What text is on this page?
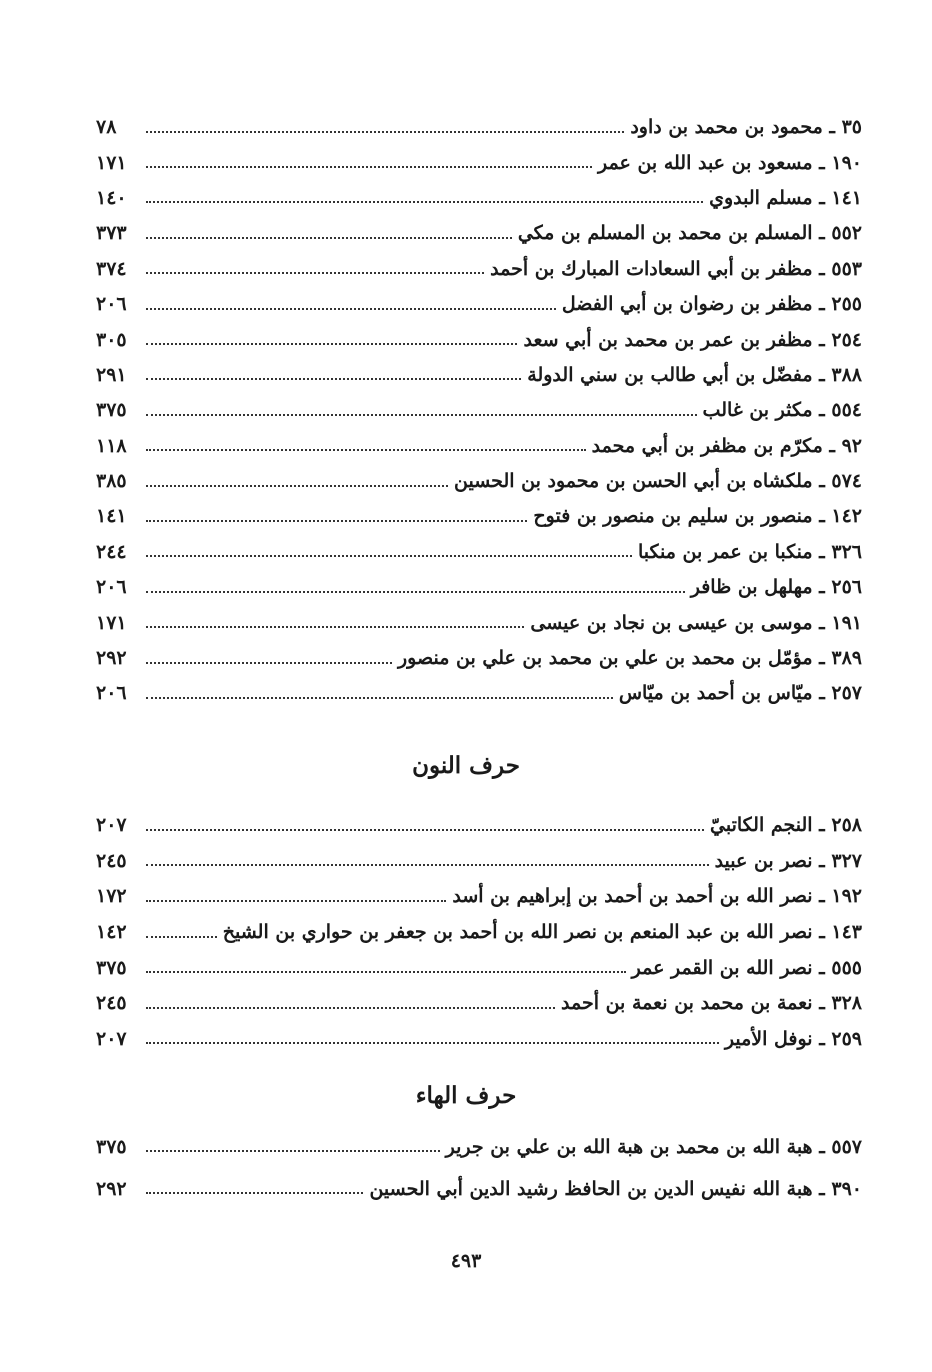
٣٥ ـ محمود بن محمد بن داود
٧٨
١٩٠ ـ مسعود بن عبد الله بن عمر
١٧١
١٤١ ـ مسلم البدوي
١٤٠
٥٥٢ ـ المسلم بن محمد بن المسلم بن مكي
٣٧٣
٥٥٣ ـ مظفر بن أبي السعادات المبارك بن أحمد
٣٧٤
٢٥٥ ـ مظفر بن رضوان بن أبي الفضل
٢٠٦
٢٥٤ ـ مظفر بن عمر بن محمد بن أبي سعد
٣٠٥
٣٨٨ ـ مفضّل بن أبي طالب بن سني الدولة
٢٩١
٥٥٤ ـ مكثر بن غالب
٣٧٥
٩٢ ـ مكرّم بن مظفر بن أبي محمد
١١٨
٥٧٤ ـ ملكشاه بن أبي الحسن بن محمود بن الحسين
٣٨٥
١٤٢ ـ منصور بن سليم بن منصور بن فتوح
١٤١
٣٢٦ ـ منكبا بن عمر بن منكبا
٢٤٤
٢٥٦ ـ مهلهل بن ظافر
٢٠٦
١٩١ ـ موسى بن عيسى بن نجاد بن عيسى
١٧١
٣٨٩ ـ مؤمّل بن محمد بن علي بن محمد بن علي بن منصور
٢٩٢
٢٥٧ ـ ميّاس بن أحمد بن ميّاس
٢٠٦
حرف النون
٢٥٨ ـ النجم الكاتبيّ
٢٠٧
٣٢٧ ـ نصر بن عبيد
٢٤٥
١٩٢ ـ نصر الله بن أحمد بن أحمد بن إبراهيم بن أسد
١٧٢
١٤٣ ـ نصر الله بن عبد المنعم بن نصر الله بن أحمد بن جعفر بن حواري بن الشيخ
١٤٢
٥٥٥ ـ نصر الله بن القمر عمر
٣٧٥
٣٢٨ ـ نعمة بن محمد بن نعمة بن أحمد
٢٤٥
٢٥٩ ـ نوفل الأمير
٢٠٧
حرف الهاء
٥٥٧ ـ هبة الله بن محمد بن هبة الله بن علي بن جرير
٣٧٥
٣٩٠ ـ هبة الله نفيس الدين بن الحافظ رشيد الدين أبي الحسين
٢٩٢
٤٩٣
